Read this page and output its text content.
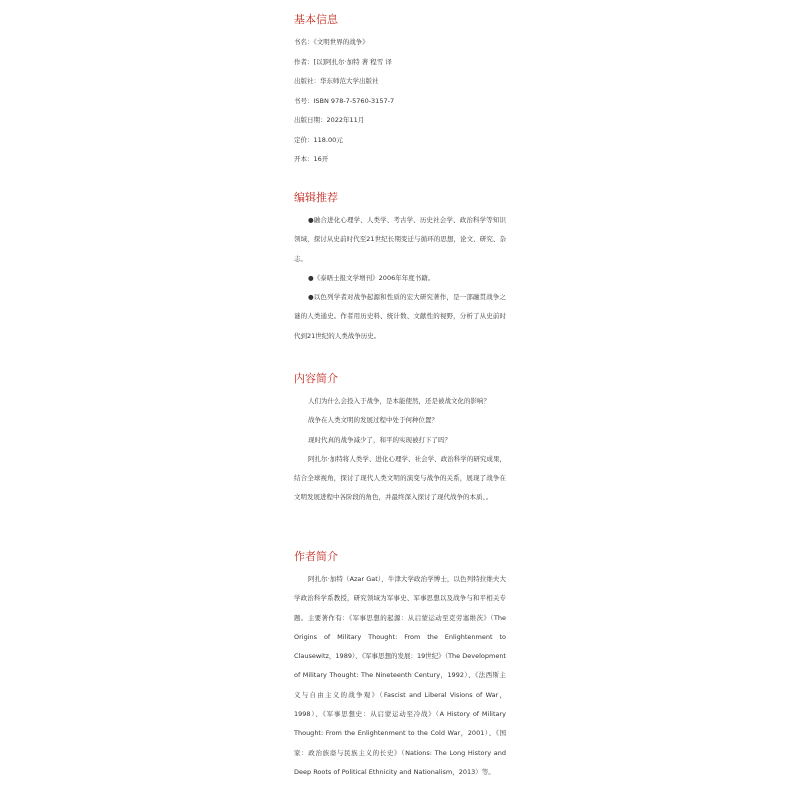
基本信息

书名：《文明世界的战争》

作者：[以]阿扎尔·加特 著 程雪 译

出版社：华东师范大学出版社

书号：ISBN 978-7-5760-3157-7

出版日期：2022年11月

定价：118.00元

开本：16开

编辑推荐

●融合进化心理学、人类学、考古学、历史社会学、政治科学等知识领域，探讨从史前时代至21世纪长期变迁与循环的思想，论文、研究、杂志。

●《泰晤士报文学增刊》2006年年度书籍。

●以色列学者对战争起源和性质的宏大研究著作，是一部融贯战争之谜的人类通史。作者用历史料、统计数、文献性的视野，分析了从史前时代到21世纪的人类战争历史。

内容简介

人们为什么会投入于战争，是本能使然，还是被战文化的影响？

战争在人类文明的发展过程中处于何种位置？

现时代真的战争减少了，和平的实现被打下了吗？

阿扎尔·加特将人类学、进化心理学、社会学、政治科学的研究成果，结合全球视角，探讨了现代人类文明的演变与战争的关系，展现了战争在文明发展进程中各阶段的角色，并最终深入探讨了现代战争的本质、。

作者简介

阿扎尔·加特（Azar Gat），牛津大学政治学博士，以色列特拉维夫大学政治科学系教授，研究领域为军事史、军事思想以及战争与和平相关专题。主要著作有：《军事思想的起源：从启蒙运动至克劳塞维茨》（The Origins of Military Thought: From the Enlightenment to Clausewitz，1989）、《军事思想的发展：19世纪》（The Development of Military Thought: The Nineteenth Century，1992）、《法西斯主义与自由主义的战争观》（Fascist and Liberal Visions of War，1998）、《军事思想史：从启蒙运动至冷战》（A History of Military Thought: From the Enlightenment to the Cold War，2001）、《国家：政治族裔与民族主义的长史》（Nations: The Long History and Deep Roots of Political Ethnicity and Nationalism，2013）等。
